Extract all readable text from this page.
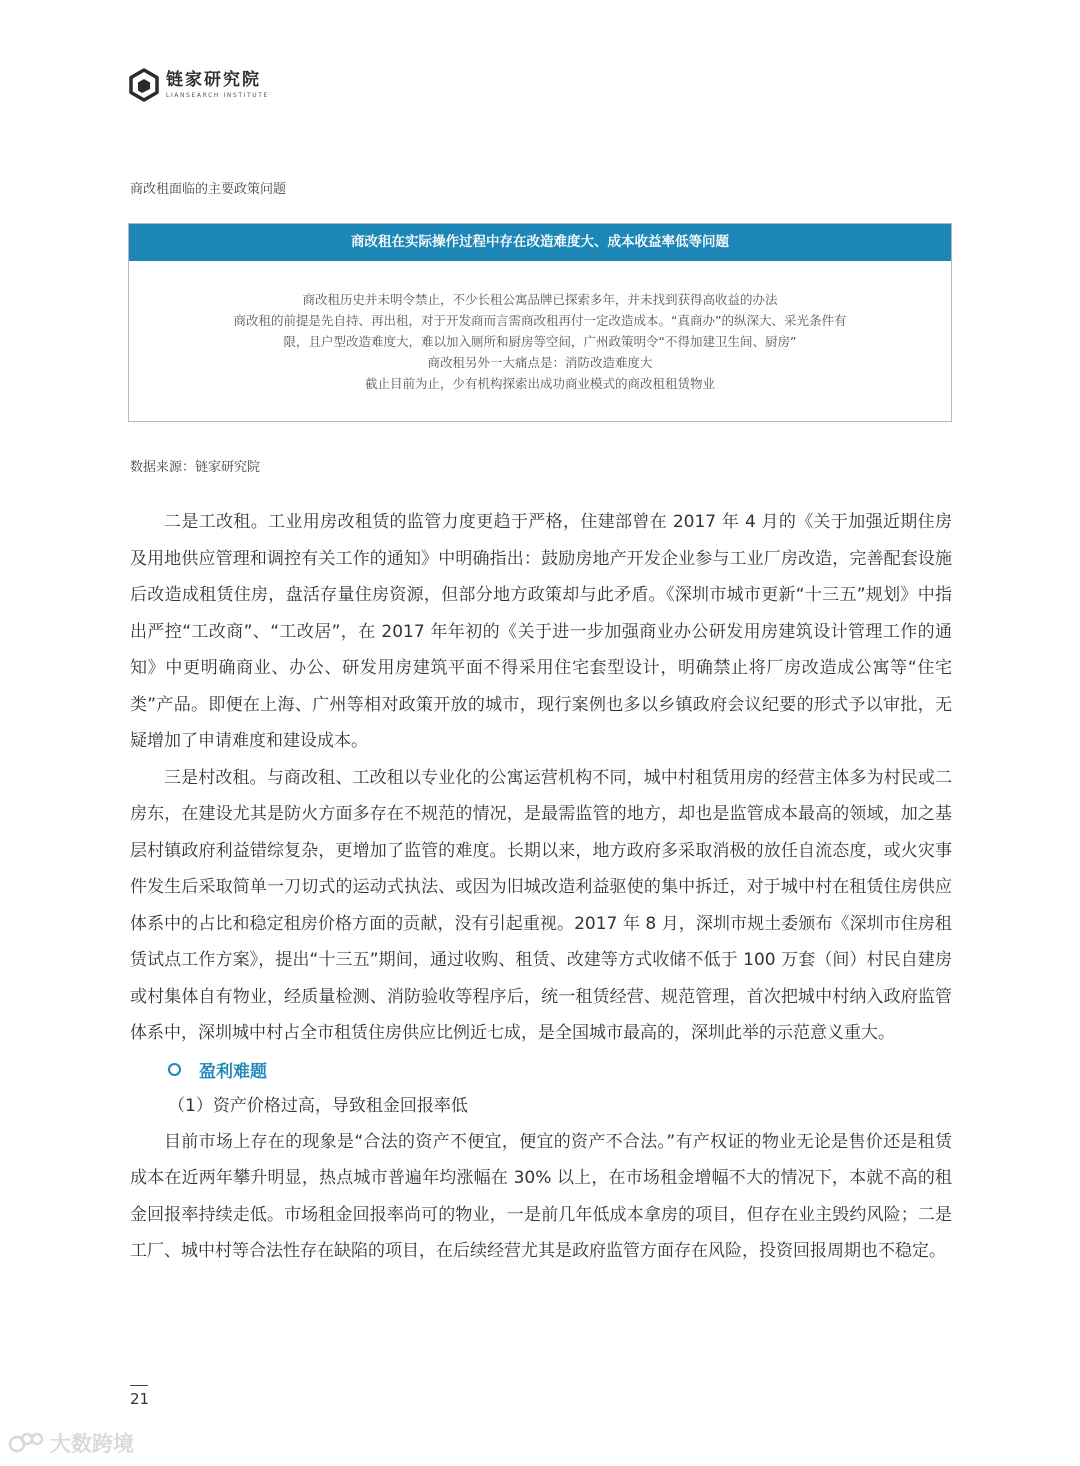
链家研究院
LIANSEARCH INSTITUTE
商改租面临的主要政策问题
商改租在实际操作过程中存在改造难度大、成本收益率低等问题
商改租历史并未明令禁止，不少长租公寓品牌已探索多年，并未找到获得高收益的办法
商改租的前提是先自持、再出租，对于开发商而言需商改租再付一定改造成本。“真商办”的纵深大、采光条件有
限，且户型改造难度大，难以加入厕所和厨房等空间，广州政策明令“不得加建卫生间、厨房”
商改租另外一大痛点是：消防改造难度大
截止目前为止，少有机构探索出成功商业模式的商改租租赁物业
数据来源：链家研究院

二是工改租。工业用房改租赁的监管力度更趋于严格，住建部曾在 2017 年 4 月的《关于加强近期住房及用地供应管理和调控有关工作的通知》中明确指出：鼓励房地产开发企业参与工业厂房改造，完善配套设施后改造成租赁住房，盘活存量住房资源，但部分地方政策却与此矛盾。《深圳市城市更新“十三五”规划》中指出严控“工改商”、“工改居”，在 2017 年年初的《关于进一步加强商业办公研发用房建筑设计管理工作的通知》中更明确商业、办公、研发用房建筑平面不得采用住宅套型设计，明确禁止将厂房改造成公寓等“住宅类”产品。即便在上海、广州等相对政策开放的城市，现行案例也多以乡镇政府会议纪要的形式予以审批，无疑增加了申请难度和建设成本。

三是村改租。与商改租、工改租以专业化的公寓运营机构不同，城中村租赁用房的经营主体多为村民或二房东，在建设尤其是防火方面多存在不规范的情况，是最需监管的地方，却也是监管成本最高的领域，加之基层村镇政府利益错综复杂，更增加了监管的难度。长期以来，地方政府多采取消极的放任自流态度，或火灾事件发生后采取简单一刀切式的运动式执法、或因为旧城改造利益驱使的集中拆迁，对于城中村在租赁住房供应体系中的占比和稳定租房价格方面的贡献，没有引起重视。2017 年 8 月，深圳市规土委颁布《深圳市住房租赁试点工作方案》，提出“十三五”期间，通过收购、租赁、改建等方式收储不低于 100 万套（间）村民自建房或村集体自有物业，经质量检测、消防验收等程序后，统一租赁经营、规范管理，首次把城中村纳入政府监管体系中，深圳城中村占全市租赁住房供应比例近七成，是全国城市最高的，深圳此举的示范意义重大。

盈利难题
（1）资产价格过高，导致租金回报率低

目前市场上存在的现象是“合法的资产不便宜，便宜的资产不合法。”有产权证的物业无论是售价还是租赁成本在近两年攀升明显，热点城市普遍年均涨幅在 30% 以上，在市场租金增幅不大的情况下，本就不高的租金回报率持续走低。市场租金回报率尚可的物业，一是前几年低成本拿房的项目，但存在业主毁约风险；二是工厂、城中村等合法性存在缺陷的项目，在后续经营尤其是政府监管方面存在风险，投资回报周期也不稳定。

21
大数跨境
